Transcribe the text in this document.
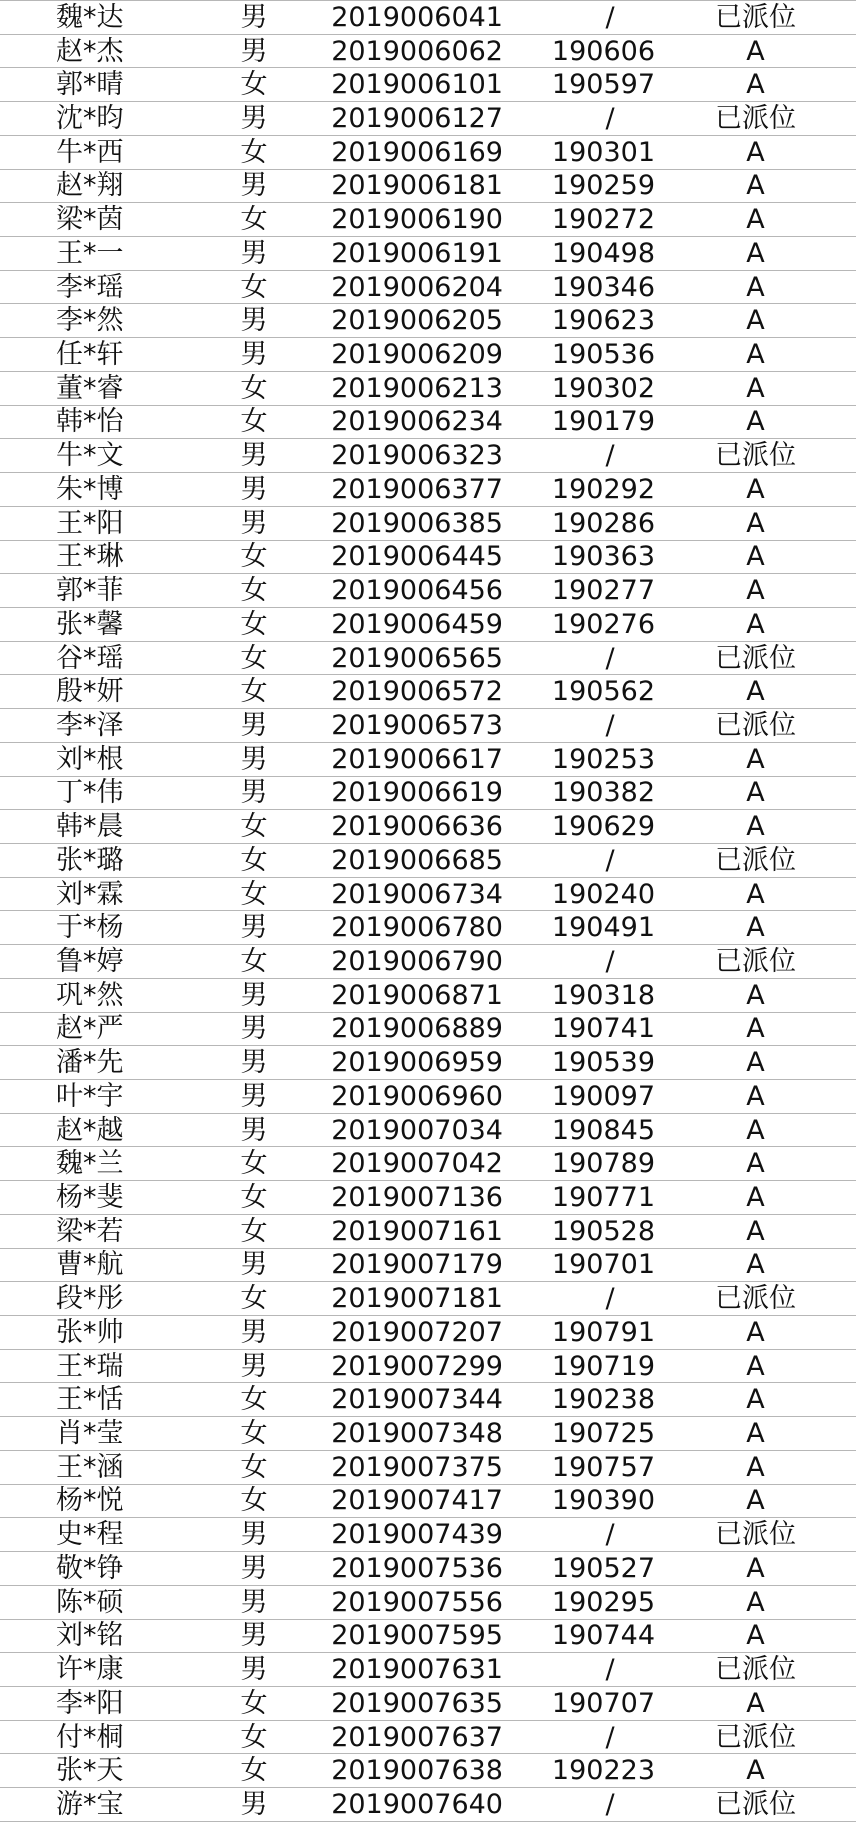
魏*达	男	2019006041	/	已派位
赵*杰	男	2019006062	190606	A
郭*晴	女	2019006101	190597	A
沈*昀	男	2019006127	/	已派位
牛*西	女	2019006169	190301	A
赵*翔	男	2019006181	190259	A
梁*茵	女	2019006190	190272	A
王*一	男	2019006191	190498	A
李*瑶	女	2019006204	190346	A
李*然	男	2019006205	190623	A
任*轩	男	2019006209	190536	A
董*睿	女	2019006213	190302	A
韩*怡	女	2019006234	190179	A
牛*文	男	2019006323	/	已派位
朱*博	男	2019006377	190292	A
王*阳	男	2019006385	190286	A
王*琳	女	2019006445	190363	A
郭*菲	女	2019006456	190277	A
张*馨	女	2019006459	190276	A
谷*瑶	女	2019006565	/	已派位
殷*妍	女	2019006572	190562	A
李*泽	男	2019006573	/	已派位
刘*根	男	2019006617	190253	A
丁*伟	男	2019006619	190382	A
韩*晨	女	2019006636	190629	A
张*璐	女	2019006685	/	已派位
刘*霖	女	2019006734	190240	A
于*杨	男	2019006780	190491	A
鲁*婷	女	2019006790	/	已派位
巩*然	男	2019006871	190318	A
赵*严	男	2019006889	190741	A
潘*先	男	2019006959	190539	A
叶*宇	男	2019006960	190097	A
赵*越	男	2019007034	190845	A
魏*兰	女	2019007042	190789	A
杨*斐	女	2019007136	190771	A
梁*若	女	2019007161	190528	A
曹*航	男	2019007179	190701	A
段*彤	女	2019007181	/	已派位
张*帅	男	2019007207	190791	A
王*瑞	男	2019007299	190719	A
王*恬	女	2019007344	190238	A
肖*莹	女	2019007348	190725	A
王*涵	女	2019007375	190757	A
杨*悦	女	2019007417	190390	A
史*程	男	2019007439	/	已派位
敬*铮	男	2019007536	190527	A
陈*硕	男	2019007556	190295	A
刘*铭	男	2019007595	190744	A
许*康	男	2019007631	/	已派位
李*阳	女	2019007635	190707	A
付*桐	女	2019007637	/	已派位
张*天	女	2019007638	190223	A
游*宝	男	2019007640	/	已派位
